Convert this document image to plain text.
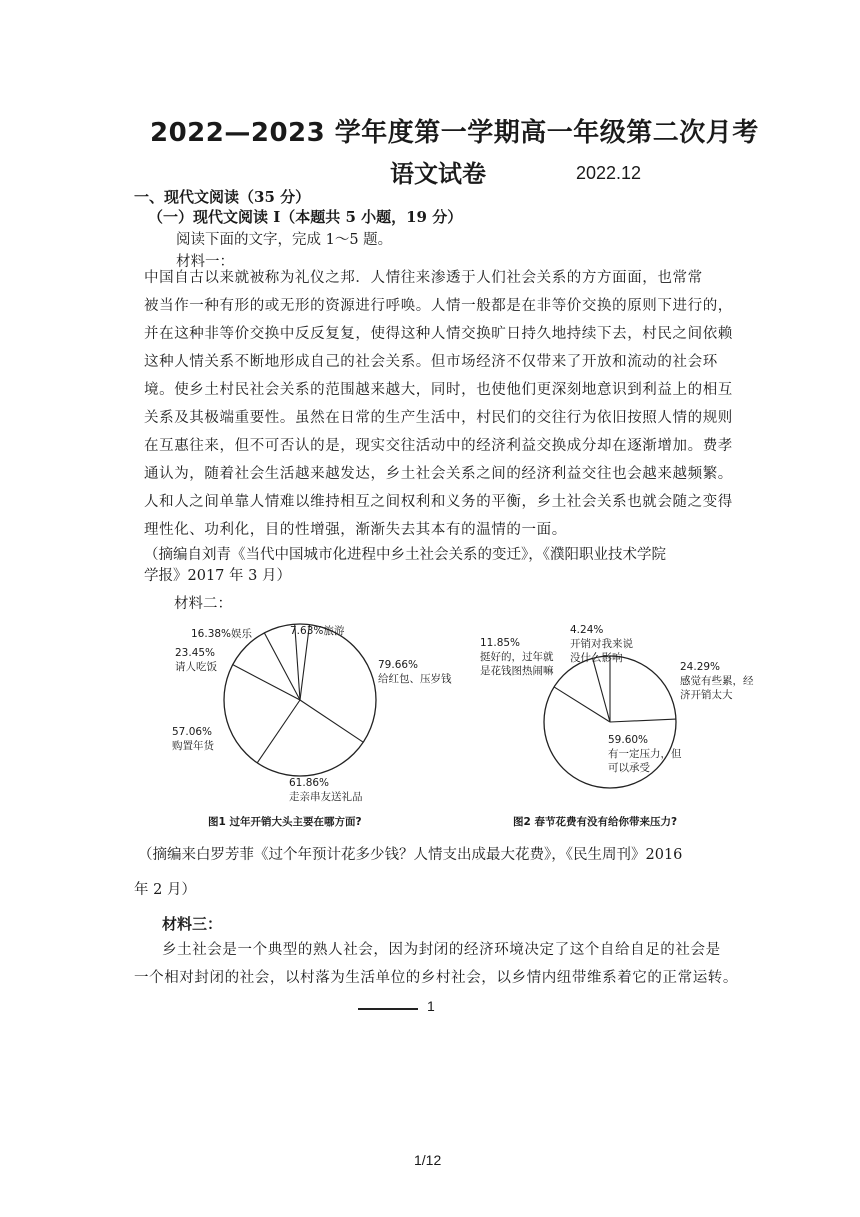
2022—2023 学年度第一学期高一年级第二次月考
语文试卷	2022.12
一、现代文阅读（35 分）
（一）现代文阅读 I（本题共 5 小题，19 分）
阅读下面的文字，完成 1～5 题。
材料一：
中国自古以来就被称为礼仪之邦．人情往来渗透于人们社会关系的方方面面，也常常
被当作一种有形的或无形的资源进行呼唤。人情一般都是在非等价交换的原则下进行的，
并在这种非等价交换中反反复复，使得这种人情交换旷日持久地持续下去，村民之间依赖
这种人情关系不断地形成自己的社会关系。但市场经济不仅带来了开放和流动的社会环
境。使乡土村民社会关系的范围越来越大，同时，也使他们更深刻地意识到利益上的相互
关系及其极端重要性。虽然在日常的生产生活中，村民们的交往行为依旧按照人情的规则
在互惠往来，但不可否认的是，现实交往活动中的经济利益交换成分却在逐渐增加。费孝
通认为，随着社会生活越来越发达，乡土社会关系之间的经济利益交往也会越来越频繁。
人和人之间单靠人情难以维持相互之间权利和义务的平衡，乡土社会关系也就会随之变得
理性化、功利化，目的性增强，渐渐失去其本有的温情的一面。
（摘编自刘青《当代中国城市化进程中乡土社会关系的变迁》，《濮阳职业技术学院
学报》2017 年 3 月）
材料二：
7.63%旅游
16.38%娱乐
23.45%
请人吃饭	79.66%
给红包、压岁钱
57.06%
购置年货
61.86%
走亲串友送礼品
图1 过年开销大头主要在哪方面?
4.24%
开销对我来说
没什么影响
11.85%
挺好的，过年就
是花钱图热闹嘛	24.29%
感觉有些累，经
济开销太大
59.60%
有一定压力，但
可以承受
图2 春节花费有没有给你带来压力?
（摘编来白罗芳菲《过个年预计花多少钱？人情支出成最大花费》，《民生周刊》2016
年 2 月）
材料三：
乡土社会是一个典型的熟人社会，因为封闭的经济环境决定了这个自给自足的社会是
一个相对封闭的社会，以村落为生活单位的乡村社会，以乡情内纽带维系着它的正常运转。
1
1/12
